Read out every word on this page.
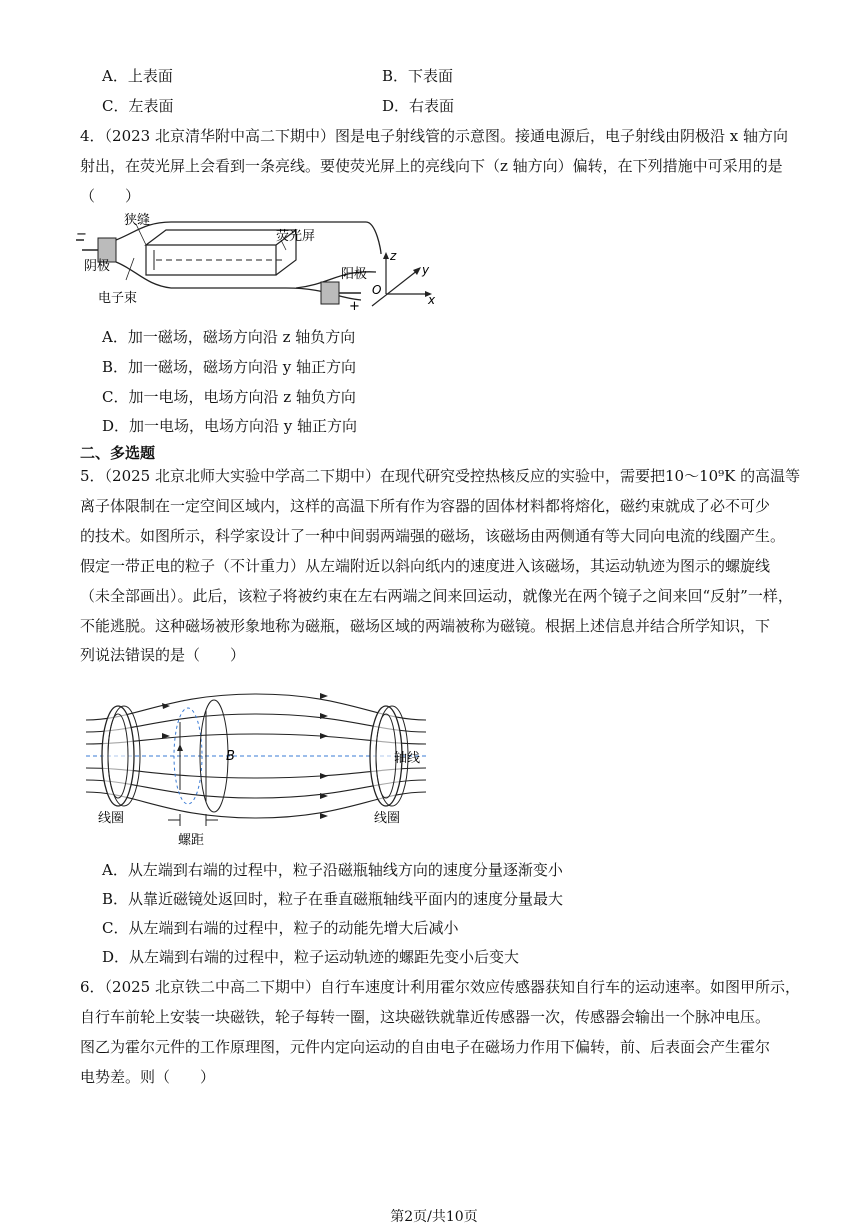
A．上表面	B．下表面
C．左表面	D．右表面
4．（2023 北京清华附中高二下期中）图是电子射线管的示意图。接通电源后，电子射线由阴极沿 x 轴方向
射出，在荧光屏上会看到一条亮线。要使荧光屏上的亮线向下（z 轴方向）偏转，在下列措施中可采用的是
（　　）
狭缝
荧光屏
阴极
阳极
电子束
−
+
z
y
x
O
A．加一磁场，磁场方向沿 z 轴负方向
B．加一磁场，磁场方向沿 y 轴正方向
C．加一电场，电场方向沿 z 轴负方向
D．加一电场，电场方向沿 y 轴正方向
二、多选题
5．（2025 北京北师大实验中学高二下期中）在现代研究受控热核反应的实验中，需要把10～10⁹K 的高温等
离子体限制在一定空间区域内，这样的高温下所有作为容器的固体材料都将熔化，磁约束就成了必不可少
的技术。如图所示，科学家设计了一种中间弱两端强的磁场，该磁场由两侧通有等大同向电流的线圈产生。
假定一带正电的粒子（不计重力）从左端附近以斜向纸内的速度进入该磁场，其运动轨迹为图示的螺旋线
（未全部画出）。此后，该粒子将被约束在左右两端之间来回运动，就像光在两个镜子之间来回“反射”一样，
不能逃脱。这种磁场被形象地称为磁瓶，磁场区域的两端被称为磁镜。根据上述信息并结合所学知识，下
列说法错误的是（　　）
B	轴线
线圈	线圈
螺距
A．从左端到右端的过程中，粒子沿磁瓶轴线方向的速度分量逐渐变小
B．从靠近磁镜处返回时，粒子在垂直磁瓶轴线平面内的速度分量最大
C．从左端到右端的过程中，粒子的动能先增大后减小
D．从左端到右端的过程中，粒子运动轨迹的螺距先变小后变大
6．（2025 北京铁二中高二下期中）自行车速度计利用霍尔效应传感器获知自行车的运动速率。如图甲所示，
自行车前轮上安装一块磁铁，轮子每转一圈，这块磁铁就靠近传感器一次，传感器会输出一个脉冲电压。
图乙为霍尔元件的工作原理图，元件内定向运动的自由电子在磁场力作用下偏转，前、后表面会产生霍尔
电势差。则（　　）
第2页/共10页
